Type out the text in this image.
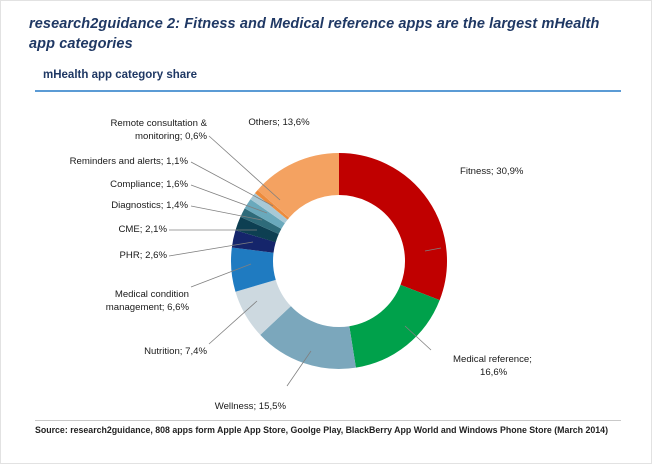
research2guidance 2: Fitness and Medical reference apps are the largest mHealth app categories
mHealth app category share
Fitness; 30,9%
Medical reference;
16,6%
Wellness; 15,5%
Nutrition; 7,4%
Medical condition
management; 6,6%
PHR; 2,6%
CME; 2,1%
Diagnostics; 1,4%
Compliance; 1,6%
Reminders and alerts; 1,1%
Remote consultation &
monitoring; 0,6%
Others; 13,6%
Source: research2guidance, 808 apps form Apple App Store, Goolge Play, BlackBerry App World and Windows Phone Store (March 2014)
